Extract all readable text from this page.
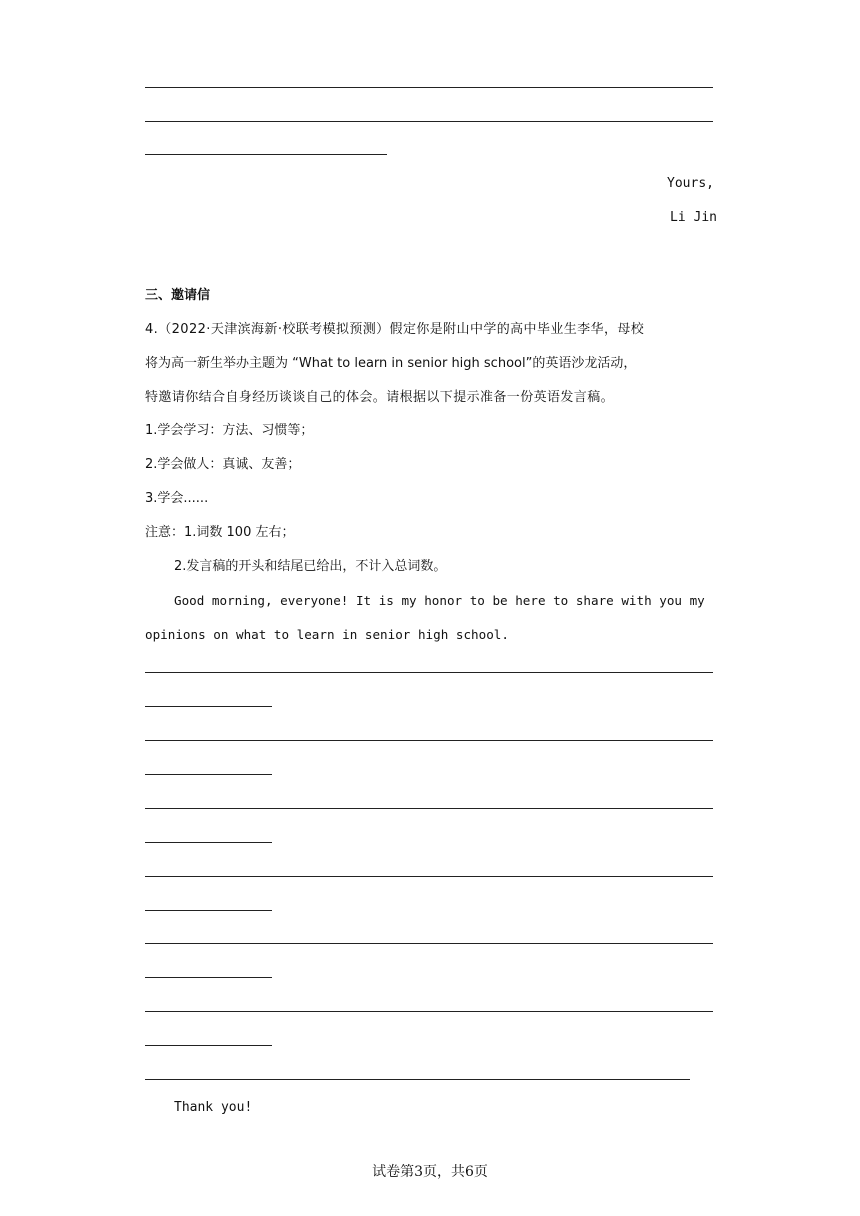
Yours,
Li Jin
三、邀请信
4.（2022·天津滨海新·校联考模拟预测）假定你是附山中学的高中毕业生李华，母校
将为高一新生举办主题为 “What to learn in senior high school”的英语沙龙活动，
特邀请你结合自身经历谈谈自己的体会。请根据以下提示准备一份英语发言稿。
1.学会学习：方法、习惯等；
2.学会做人：真诚、友善；
3.学会......
注意：1.词数 100 左右；
2.发言稿的开头和结尾已给出，不计入总词数。
Good morning, everyone! It is my honor to be here to share with you my
opinions on what to learn in senior high school.
Thank you!
试卷第3页，共6页
